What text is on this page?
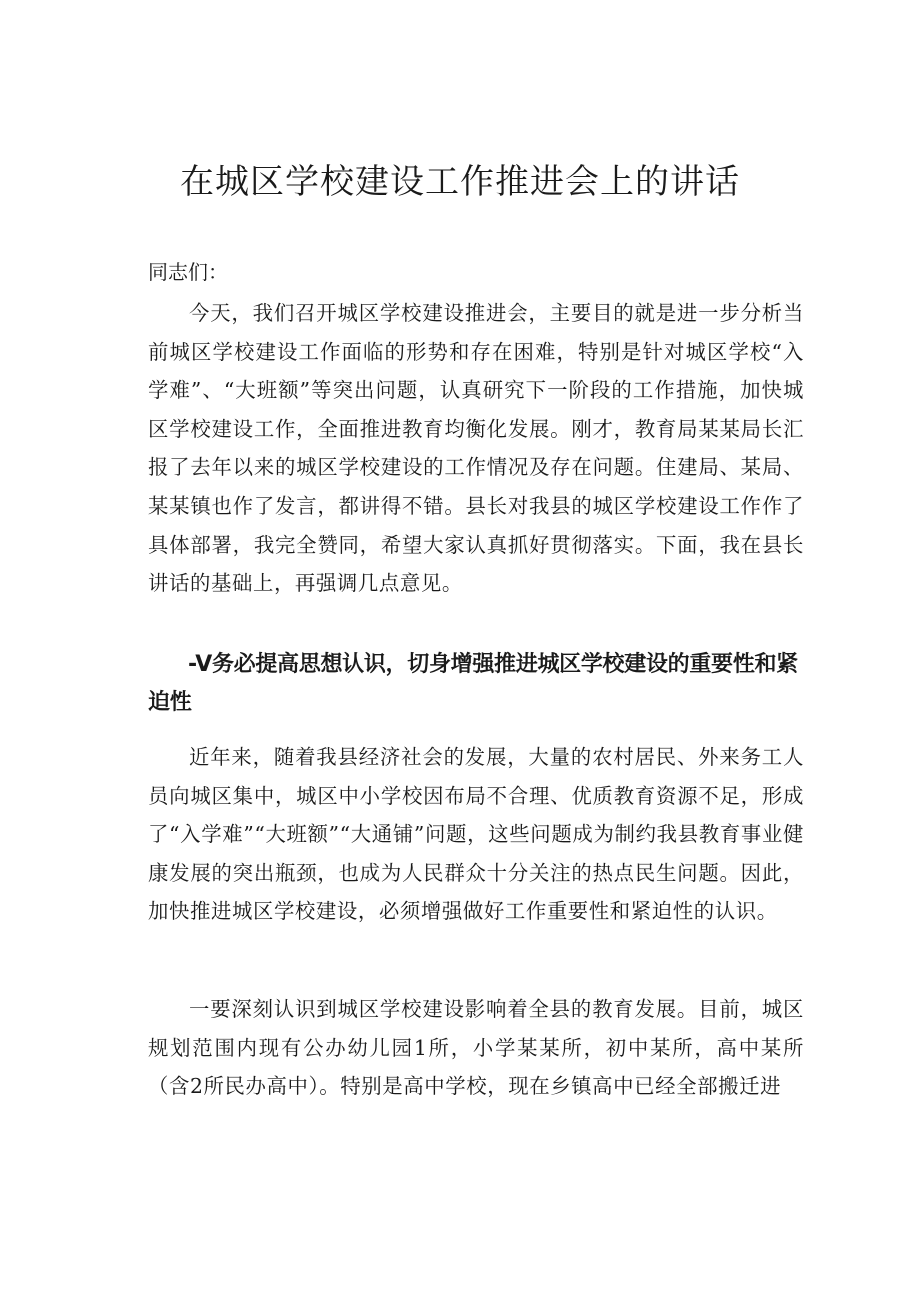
在城区学校建设工作推进会上的讲话
同志们：

今天，我们召开城区学校建设推进会，主要目的就是进一步分析当前城区学校建设工作面临的形势和存在困难，特别是针对城区学校“入学难”、“大班额”等突出问题，认真研究下一阶段的工作措施，加快城区学校建设工作，全面推进教育均衡化发展。刚才，教育局某某局长汇报了去年以来的城区学校建设的工作情况及存在问题。住建局、某局、某某镇也作了发言，都讲得不错。县长对我县的城区学校建设工作作了具体部署，我完全赞同，希望大家认真抓好贯彻落实。下面，我在县长讲话的基础上，再强调几点意见。

-V务必提高思想认识，切身增强推进城区学校建设的重要性和紧迫性

近年来，随着我县经济社会的发展，大量的农村居民、外来务工人员向城区集中，城区中小学校因布局不合理、优质教育资源不足，形成了“入学难”“大班额”“大通铺”问题，这些问题成为制约我县教育事业健康发展的突出瓶颈，也成为人民群众十分关注的热点民生问题。因此，加快推进城区学校建设，必须增强做好工作重要性和紧迫性的认识。

一要深刻认识到城区学校建设影响着全县的教育发展。目前，城区规划范围内现有公办幼儿园1所，小学某某所，初中某所，高中某所（含2所民办高中）。特别是高中学校，现在乡镇高中已经全部搬迁进
